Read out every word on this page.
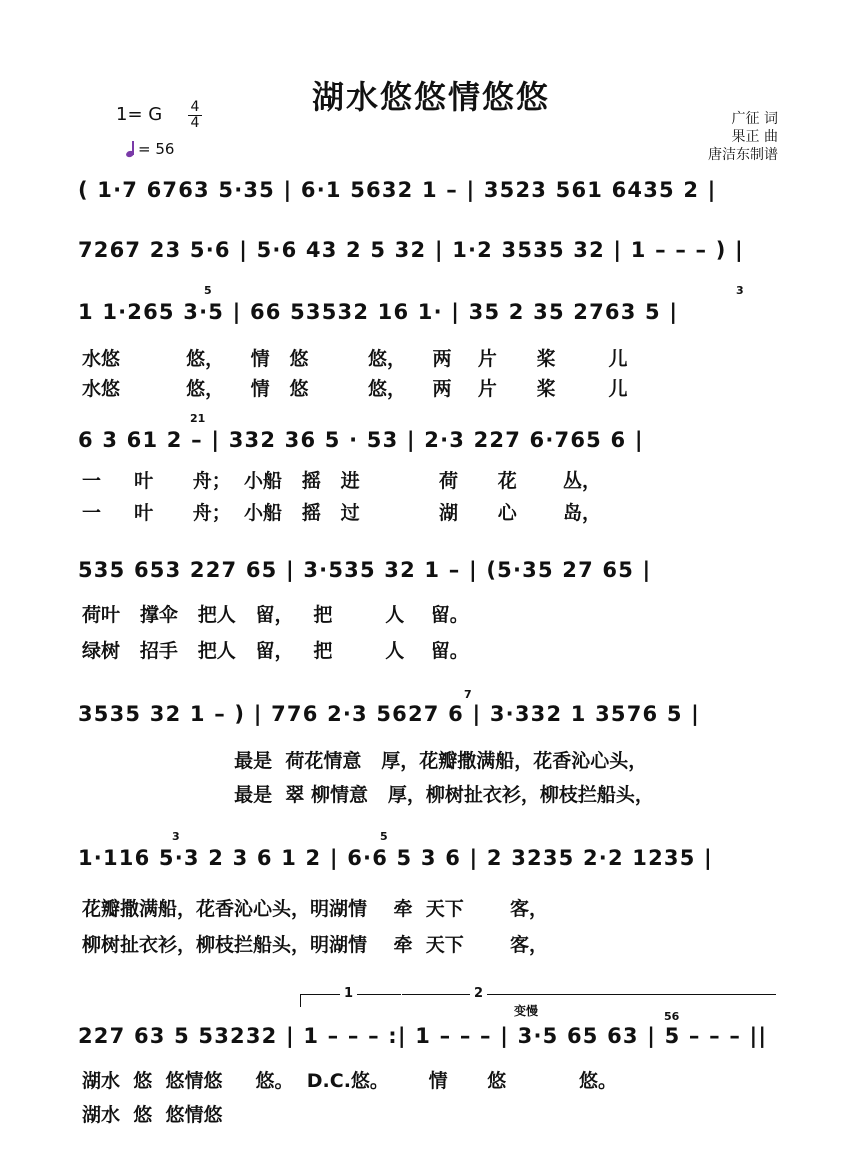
湖水悠悠情悠悠
1= G $\frac{4}{4}$
= 56
广征 词
果正 曲
唐洁东制谱
( 1·7 6763 5·35 | 6·1 5632 1 – | 3523 561 6435 2 |
7267 23 5·6 | 5·6 43 2 5 32 | 1·2 3535 32 | 1 – – – ) |
1 1·265 3·5 | 66 53532 16 1· | 35 2 35 2763 5 |
水悠          悠，    情   悠         悠，    两    片      桨        儿
水悠          悠，    情   悠         悠，    两    片      桨        儿
6 3 61 2 – | 332 36 5 · 53 | 2·3 227 6·765 6 |
一     叶      舟；  小船   摇   进            荷      花       丛，
一     叶      舟；  小船   摇   过            湖      心       岛，
535 653 227 65 | 3·535 32 1 – | (5·35 27 65 |
荷叶   撑伞   把人   留，   把        人    留。
绿树   招手   把人   留，   把        人    留。
3535 32 1 – ) | 776 2·3 5627 6 | 3·332 1 3576 5 |
最是  荷花情意   厚，花瓣撒满船，花香沁心头，
最是  翠 柳情意   厚，柳树扯衣衫，柳枝拦船头，
1·116 5·3 2 3 6 1 2 | 6·6 5 3 6 | 2 3235 2·2 1235 |
花瓣撒满船，花香沁心头，明湖情    牵  天下       客，
柳树扯衣衫，柳枝拦船头，明湖情    牵  天下       客，
227 63 5 53232 | 1 – – – :| 1 – – – | 3·5 65 63 | 5 – – – ||
湖水  悠  悠情悠     悠。  D.C.悠。      情      悠           悠。
湖水  悠  悠情悠
5	3
21
7
3	5
56
1	2
变慢
